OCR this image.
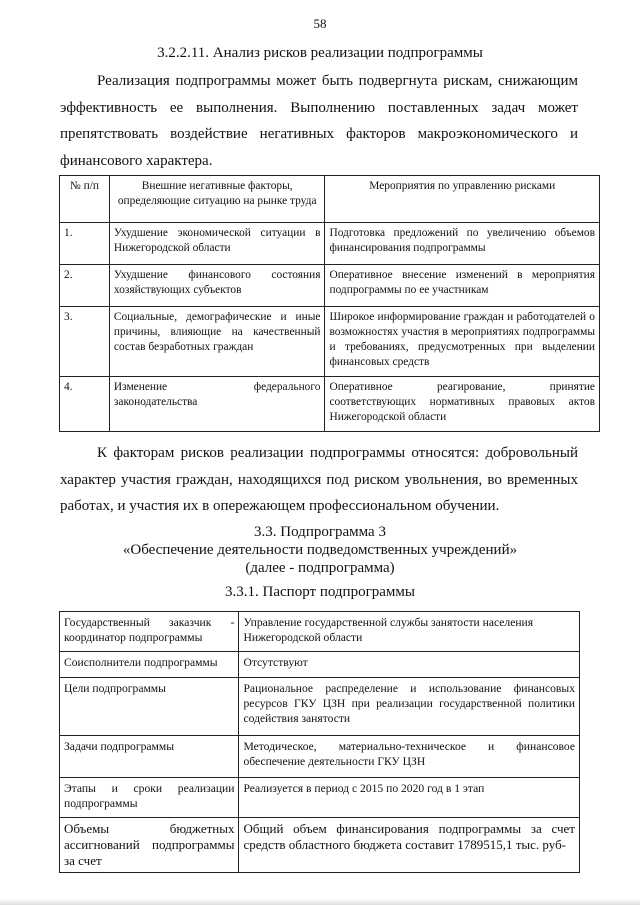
58
3.2.2.11. Анализ рисков реализации подпрограммы

Реализация подпрограммы может быть подвергнута рискам, снижающим эффективность ее выполнения. Выполнению поставленных задач может препятствовать воздействие негативных факторов макроэкономического и финансового характера.

№ п/п	Внешние негативные факторы, определяющие ситуацию на рынке труда	Мероприятия по управлению рисками
1.	Ухудшение экономической ситуации в Нижегородской области	Подготовка предложений по увеличению объемов финансирования подпрограммы
2.	Ухудшение финансового состояния хозяйствующих субъектов	Оперативное внесение изменений в мероприятия подпрограммы по ее участникам
3.	Социальные, демографические и иные причины, влияющие на качественный состав безработных граждан	Широкое информирование граждан и работодателей о возможностях участия в мероприятиях подпрограммы и требованиях, предусмотренных при выделении финансовых средств
4.	Изменение федерального законодательства	Оперативное реагирование, принятие соответствующих нормативных правовых актов Нижегородской области

К факторам рисков реализации подпрограммы относятся: добровольный характер участия граждан, находящихся под риском увольнения, во временных работах, и участия их в опережающем профессиональном обучении.

3.3. Подпрограмма 3
«Обеспечение деятельности подведомственных учреждений»
(далее - подпрограмма)
3.3.1. Паспорт подпрограммы
Государственный заказчик - координатор подпрограммы	Управление государственной службы занятости населения Нижегородской области
Соисполнители подпрограммы	Отсутствуют
Цели подпрограммы	Рациональное распределение и использование финансовых ресурсов ГКУ ЦЗН при реализации государственной политики содействия занятости
Задачи подпрограммы	Методическое, материально-техническое и финансовое обеспечение деятельности ГКУ ЦЗН
Этапы и сроки реализации подпрограммы	Реализуется в период с 2015 по 2020 год в 1 этап
Объемы бюджетных ассигнований подпрограммы за счет	Общий объем финансирования подпрограммы за счет средств областного бюджета составит 1789515,1 тыс. руб-
